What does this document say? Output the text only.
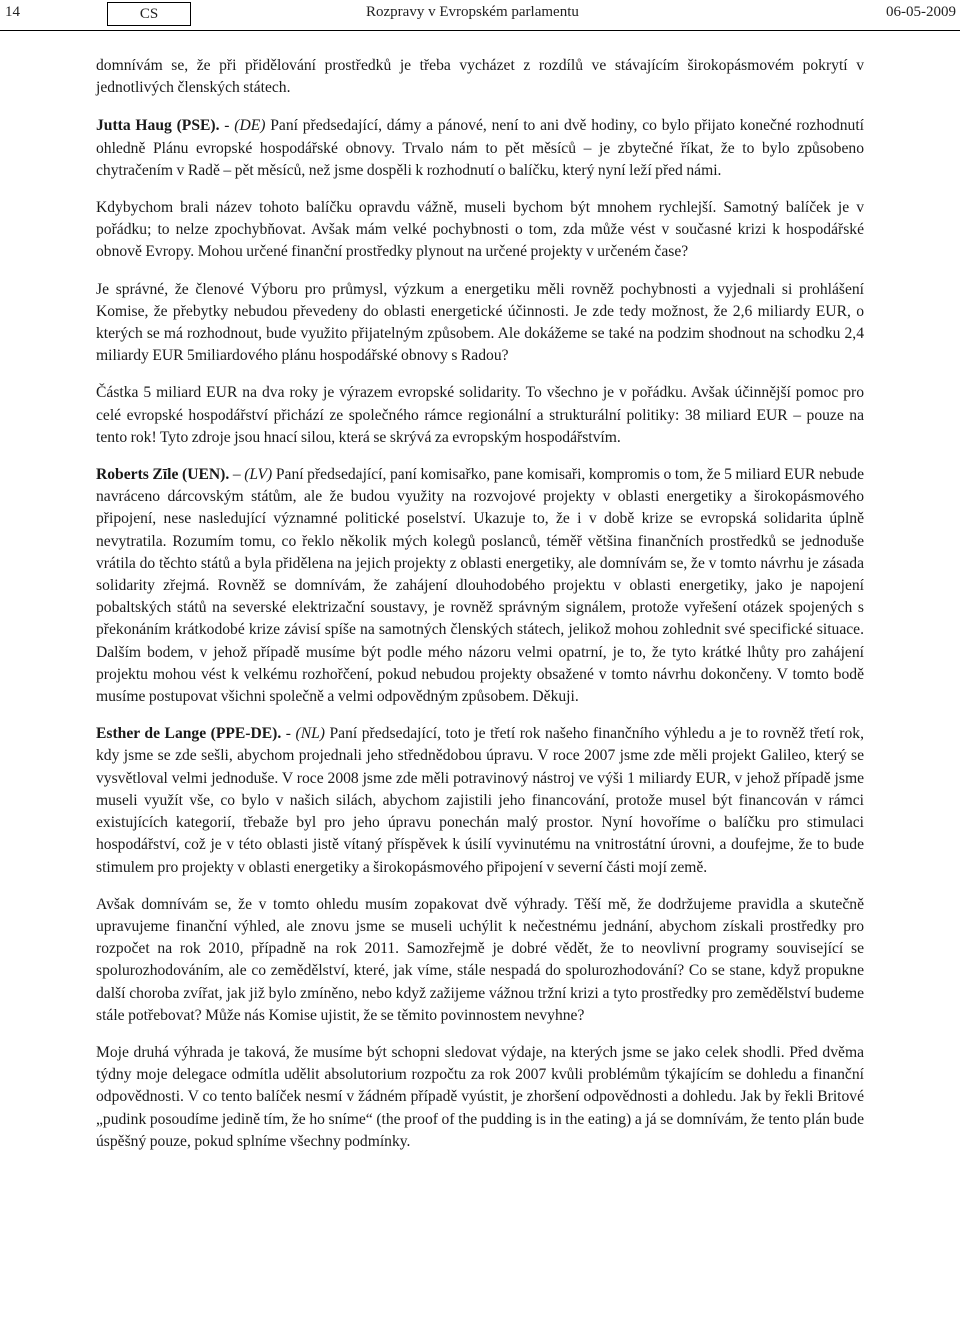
14	CS	Rozpravy v Evropském parlamentu	06-05-2009

domnívám se, že při přidělování prostředků je třeba vycházet z rozdílů ve stávajícím širokopásmovém pokrytí v jednotlivých členských státech.

Jutta Haug (PSE). - (DE) Paní předsedající, dámy a pánové, není to ani dvě hodiny, co bylo přijato konečné rozhodnutí ohledně Plánu evropské hospodářské obnovy. Trvalo nám to pět měsíců – je zbytečné říkat, že to bylo způsobeno chytračením v Radě – pět měsíců, než jsme dospěli k rozhodnutí o balíčku, který nyní leží před námi.

Kdybychom brali název tohoto balíčku opravdu vážně, museli bychom být mnohem rychlejší. Samotný balíček je v pořádku; to nelze zpochybňovat. Avšak mám velké pochybnosti o tom, zda může vést v současné krizi k hospodářské obnově Evropy. Mohou určené finanční prostředky plynout na určené projekty v určeném čase?

Je správné, že členové Výboru pro průmysl, výzkum a energetiku měli rovněž pochybnosti a vyjednali si prohlášení Komise, že přebytky nebudou převedeny do oblasti energetické účinnosti. Je zde tedy možnost, že 2,6 miliardy EUR, o kterých se má rozhodnout, bude využito přijatelným způsobem. Ale dokážeme se také na podzim shodnout na schodku 2,4 miliardy EUR 5miliardového plánu hospodářské obnovy s Radou?

Částka 5 miliard EUR na dva roky je výrazem evropské solidarity. To všechno je v pořádku. Avšak účinnější pomoc pro celé evropské hospodářství přichází ze společného rámce regionální a strukturální politiky: 38 miliard EUR – pouze na tento rok! Tyto zdroje jsou hnací silou, která se skrývá za evropským hospodářstvím.

Roberts Zīle (UEN). – (LV) Paní předsedající, paní komisařko, pane komisaři, kompromis o tom, že 5 miliard EUR nebude navráceno dárcovským státům, ale že budou využity na rozvojové projekty v oblasti energetiky a širokopásmového připojení, nese nasledující významné politické poselství. Ukazuje to, že i v době krize se evropská solidarita úplně nevytratila. Rozumím tomu, co řeklo několik mých kolegů poslanců, téměř většina finančních prostředků se jednoduše vrátila do těchto států a byla přidělena na jejich projekty z oblasti energetiky, ale domnívám se, že v tomto návrhu je zásada solidarity zřejmá. Rovněž se domnívám, že zahájení dlouhodobého projektu v oblasti energetiky, jako je napojení pobaltských států na severské elektrizační soustavy, je rovněž správným signálem, protože vyřešení otázek spojených s překonáním krátkodobé krize závisí spíše na samotných členských státech, jelikož mohou zohlednit své specifické situace. Dalším bodem, v jehož případě musíme být podle mého názoru velmi opatrní, je to, že tyto krátké lhůty pro zahájení projektu mohou vést k velkému rozhořčení, pokud nebudou projekty obsažené v tomto návrhu dokončeny. V tomto bodě musíme postupovat všichni společně a velmi odpovědným způsobem. Děkuji.

Esther de Lange (PPE-DE). - (NL) Paní předsedající, toto je třetí rok našeho finančního výhledu a je to rovněž třetí rok, kdy jsme se zde sešli, abychom projednali jeho střednědobou úpravu. V roce 2007 jsme zde měli projekt Galileo, který se vysvětloval velmi jednoduše. V roce 2008 jsme zde měli potravinový nástroj ve výši 1 miliardy EUR, v jehož případě jsme museli využít vše, co bylo v našich silách, abychom zajistili jeho financování, protože musel být financován v rámci existujících kategorií, třebaže byl pro jeho úpravu ponechán malý prostor. Nyní hovoříme o balíčku pro stimulaci hospodářství, což je v této oblasti jistě vítaný příspěvek k úsilí vyvinutému na vnitrostátní úrovni, a doufejme, že to bude stimulem pro projekty v oblasti energetiky a širokopásmového připojení v severní části mojí země.

Avšak domnívám se, že v tomto ohledu musím zopakovat dvě výhrady. Těší mě, že dodržujeme pravidla a skutečně upravujeme finanční výhled, ale znovu jsme se museli uchýlit k nečestnému jednání, abychom získali prostředky pro rozpočet na rok 2010, případně na rok 2011. Samozřejmě je dobré vědět, že to neovlivní programy související se spolurozhodováním, ale co zemědělství, které, jak víme, stále nespadá do spolurozhodování? Co se stane, když propukne další choroba zvířat, jak již bylo zmíněno, nebo když zažijeme vážnou tržní krizi a tyto prostředky pro zemědělství budeme stále potřebovat? Může nás Komise ujistit, že se těmito povinnostem nevyhne?

Moje druhá výhrada je taková, že musíme být schopni sledovat výdaje, na kterých jsme se jako celek shodli. Před dvěma týdny moje delegace odmítla udělit absolutorium rozpočtu za rok 2007 kvůli problémům týkajícím se dohledu a finanční odpovědnosti. V co tento balíček nesmí v žádném případě vyústit, je zhoršení odpovědnosti a dohledu. Jak by řekli Britové „pudink posoudíme jedině tím, že ho sníme“ (the proof of the pudding is in the eating) a já se domnívám, že tento plán bude úspěšný pouze, pokud splníme všechny podmínky.
